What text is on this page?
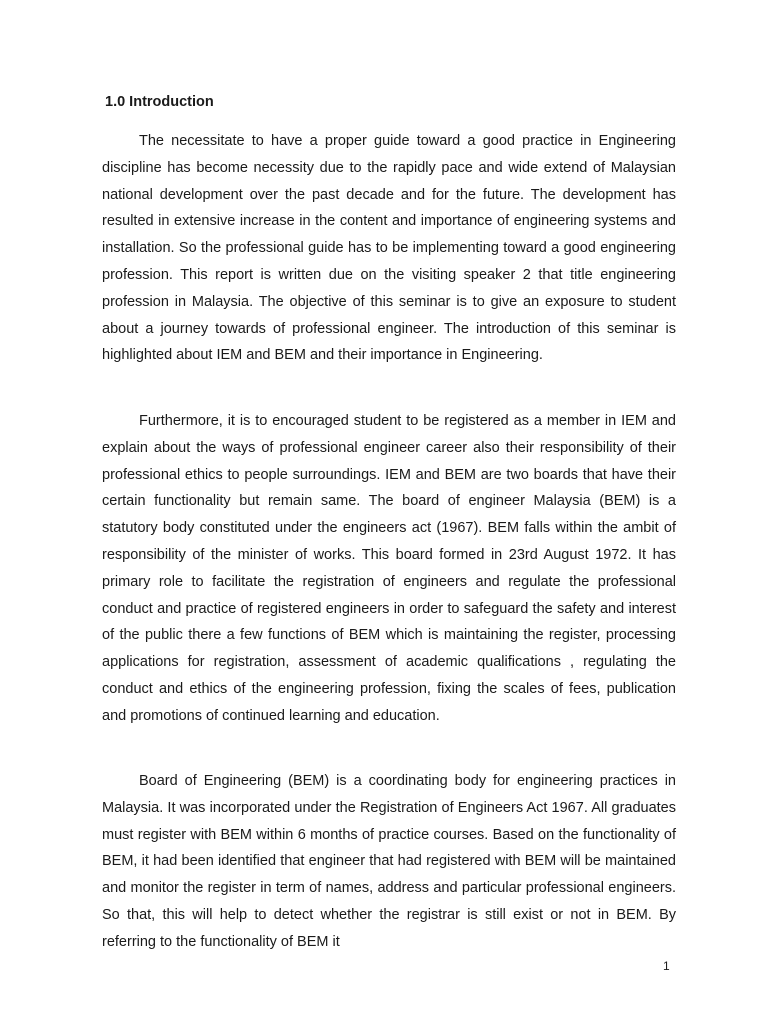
1.0 Introduction

The necessitate to have a proper guide toward a good practice in Engineering discipline has become necessity due to the rapidly pace and wide extend of Malaysian national development over the past decade and for the future. The development has resulted in extensive increase in the content and importance of engineering systems and installation. So the professional guide has to be implementing toward a good engineering profession. This report is written due on the visiting speaker 2 that title engineering profession in Malaysia. The objective of this seminar is to give an exposure to student about a journey towards of professional engineer. The introduction of this seminar is highlighted about IEM and BEM and their importance in Engineering.

Furthermore, it is to encouraged student to be registered as a member in IEM and explain about the ways of professional engineer career also their responsibility of their professional ethics to people surroundings. IEM and BEM are two boards that have their certain functionality but remain same. The board of engineer Malaysia (BEM) is a statutory body constituted under the engineers act (1967). BEM falls within the ambit of responsibility of the minister of works. This board formed in 23rd August 1972. It has primary role to facilitate the registration of engineers and regulate the professional conduct and practice of registered engineers in order to safeguard the safety and interest of the public there a few functions of BEM which is maintaining the register, processing applications for registration, assessment of academic qualifications , regulating the conduct and ethics of the engineering profession, fixing the scales of fees, publication and promotions of continued learning and education.

Board of Engineering (BEM) is a coordinating body for engineering practices in Malaysia. It was incorporated under the Registration of Engineers Act 1967. All graduates must register with BEM within 6 months of practice courses. Based on the functionality of BEM, it had been identified that engineer that had registered with BEM will be maintained and monitor the register in term of names, address and particular professional engineers. So that, this will help to detect whether the registrar is still exist or not in BEM. By referring to the functionality of BEM it

1
